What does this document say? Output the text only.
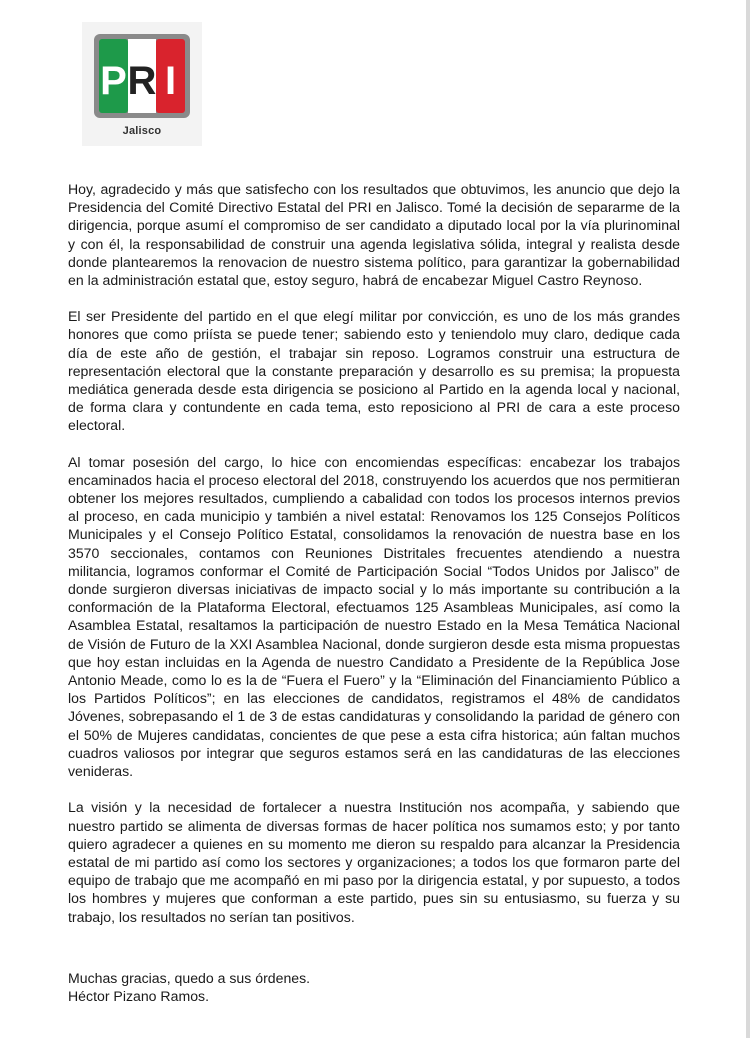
P R I
Jalisco

Hoy, agradecido y más que satisfecho con los resultados que obtuvimos, les anuncio que dejo la Presidencia del Comité Directivo Estatal del PRI en Jalisco. Tomé la decisión de separarme de la dirigencia, porque asumí el compromiso de ser candidato a diputado local por la vía plurinominal y con él, la responsabilidad de construir una agenda legislativa sólida, integral y realista desde donde plantearemos la renovacion de nuestro sistema político, para garantizar la gobernabilidad en la administración estatal que, estoy seguro, habrá de encabezar Miguel Castro Reynoso.

El ser Presidente del partido en el que elegí militar por convicción, es uno de los más grandes honores que como priísta se puede tener; sabiendo esto y teniendolo muy claro, dedique cada día de este año de gestión, el trabajar sin reposo. Logramos construir una estructura de representación electoral que la constante preparación y desarrollo es su premisa; la propuesta mediática generada desde esta dirigencia se posiciono al Partido en la agenda local y nacional, de forma clara y contundente en cada tema, esto reposiciono al PRI de cara a este proceso electoral.

Al tomar posesión del cargo, lo hice con encomiendas específicas: encabezar los trabajos encaminados hacia el proceso electoral del 2018, construyendo los acuerdos que nos permitieran obtener los mejores resultados, cumpliendo a cabalidad con todos los procesos internos previos al proceso, en cada municipio y también a nivel estatal: Renovamos los 125 Consejos Políticos Municipales y el Consejo Político Estatal, consolidamos la renovación de nuestra base en los 3570 seccionales, contamos con Reuniones Distritales frecuentes atendiendo a nuestra militancia, logramos conformar el Comité de Participación Social “Todos Unidos por Jalisco” de donde surgieron diversas iniciativas de impacto social y lo más importante su contribución a la conformación de la Plataforma Electoral, efectuamos 125 Asambleas Municipales, así como la Asamblea Estatal, resaltamos la participación de nuestro Estado en la Mesa Temática Nacional de Visión de Futuro de la XXI Asamblea Nacional, donde surgieron desde esta misma propuestas que hoy estan incluidas en la Agenda de nuestro Candidato a Presidente de la República Jose Antonio Meade, como lo es la de “Fuera el Fuero” y la “Eliminación del Financiamiento Público a los Partidos Políticos”; en las elecciones de candidatos, registramos el 48% de candidatos Jóvenes, sobrepasando el 1 de 3 de estas candidaturas y consolidando la paridad de género con el 50% de Mujeres candidatas, concientes de que pese a esta cifra historica; aún faltan muchos cuadros valiosos por integrar que seguros estamos será en las candidaturas de las elecciones venideras.

La visión y la necesidad de fortalecer a nuestra Institución nos acompaña, y sabiendo que nuestro partido se alimenta de diversas formas de hacer política nos sumamos esto; y por tanto quiero agradecer a quienes en su momento me dieron su respaldo para alcanzar la Presidencia estatal de mi partido así como los sectores y organizaciones; a todos los que formaron parte del equipo de trabajo que me acompañó en mi paso por la dirigencia estatal, y por supuesto, a todos los hombres y mujeres que conforman a este partido, pues sin su entusiasmo, su fuerza y su trabajo, los resultados no serían tan positivos.

Muchas gracias, quedo a sus órdenes.
Héctor Pizano Ramos.
